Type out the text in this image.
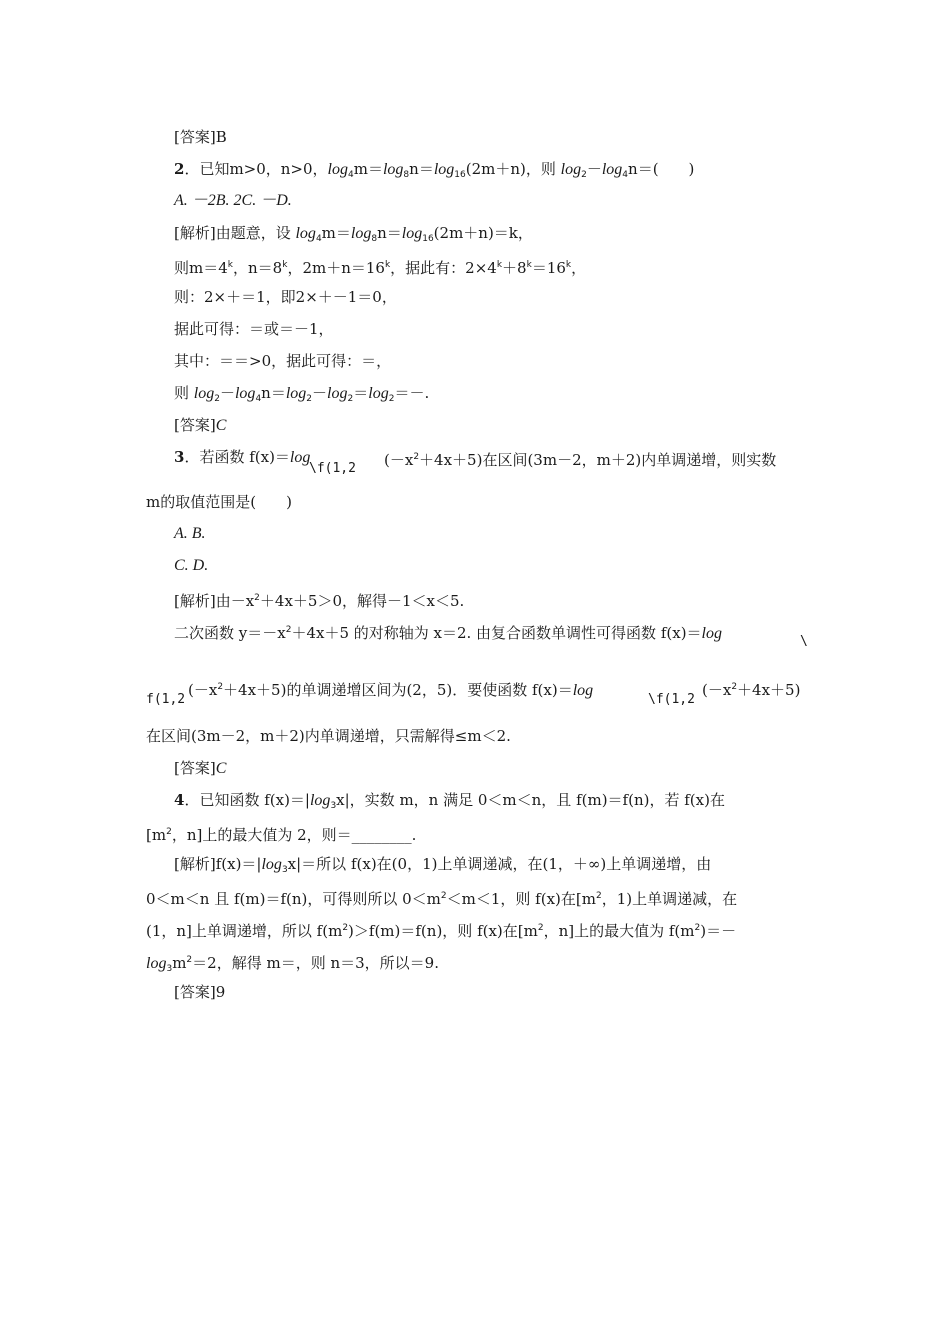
[答案]B
2．已知m>0，n>0，$\log_4m=\log_8n=\log_{16}(2m+n)$，则 $\log_2-\log_4n=$(　　)
A. －2B. 2C. －D.
[解析]由题意，设 $\log_4m=\log_8n=\log_{16}(2m+n)=k$，
则$m=4^k$，$n=8^k$，$2m+n=16^k$，据此有：$2\times 4^k+8^k=16^k$，
则：2×＋＝1，即2×＋－1＝0，
据此可得：＝或＝－1，
其中：＝＝>0，据此可得：＝，
则 $\log_2-\log_4n=\log_2-\log_2=\log_2=-$.
[答案]C
3．若函数 f(x)＝log
\f(1,2 $(-x^2+4x+5)$在区间(3m－2，m＋2)内单调递增，则实数
m的取值范围是(　　)
A. B.
C. D.
[解析]由$-x^2+4x+5>0$，解得－1＜x＜5.
二次函数 $y=-x^2+4x+5$ 的对称轴为 x＝2. 由复合函数单调性可得函数 f(x)＝log	\
f(1,2
$(-x^2+4x+5)$的单调递增区间为(2，5)．要使函数 f(x)＝log
\f(1,2
$(-x^2+4x+5)$
在区间(3m－2，m＋2)内单调递增，只需解得≤m＜2.
[答案]C
4．已知函数 $f(x)=|\log_3x|$，实数 m，n 满足 0＜m＜n，且 f(m)＝f(n)，若 f(x)在
[$m^2$，n]上的最大值为 2，则＝________.
[解析]$f(x)=|\log_3x|=$所以 f(x)在(0，1)上单调递减，在(1，＋∞)上单调递增，由
0＜m＜n 且 f(m)＝f(n)，可得则所以 $0<m^2<m<1$，则 f(x)在[$m^2$，1)上单调递减，在
(1，n]上单调递增，所以 $f(m^2)>f(m)=f(n)$，则 f(x)在[$m^2$，n]上的最大值为 $f(m^2)=-$
$\log_3m^2=2$，解得 m＝，则 n＝3，所以＝9.
[答案]9
